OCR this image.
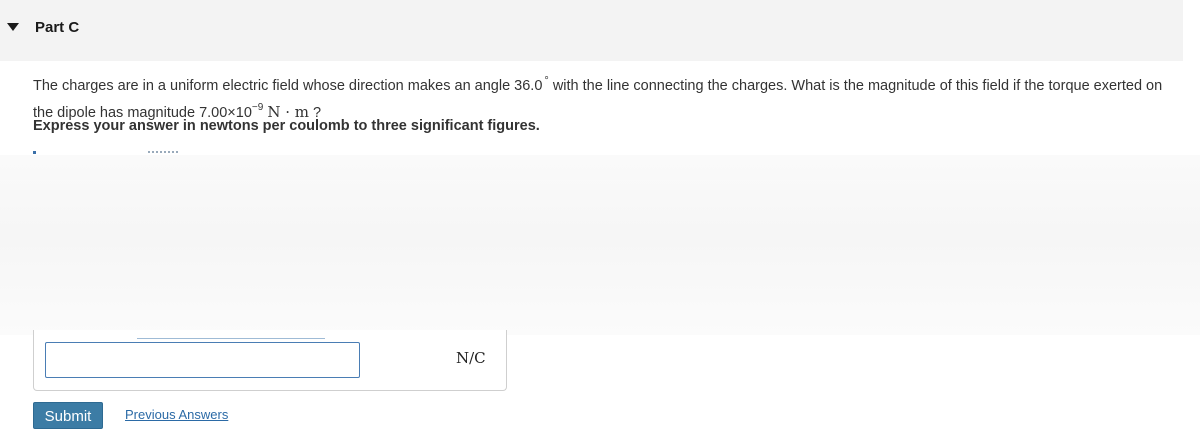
Part C
The charges are in a uniform electric field whose direction makes an angle 36.0 ° with the line connecting the charges. What is the magnitude of this field if the torque exerted on the dipole has magnitude $7.00\times 10^{-9}$ N · m ?
Express your answer in newtons per coulomb to three significant figures.
N/C
Submit	Previous Answers
